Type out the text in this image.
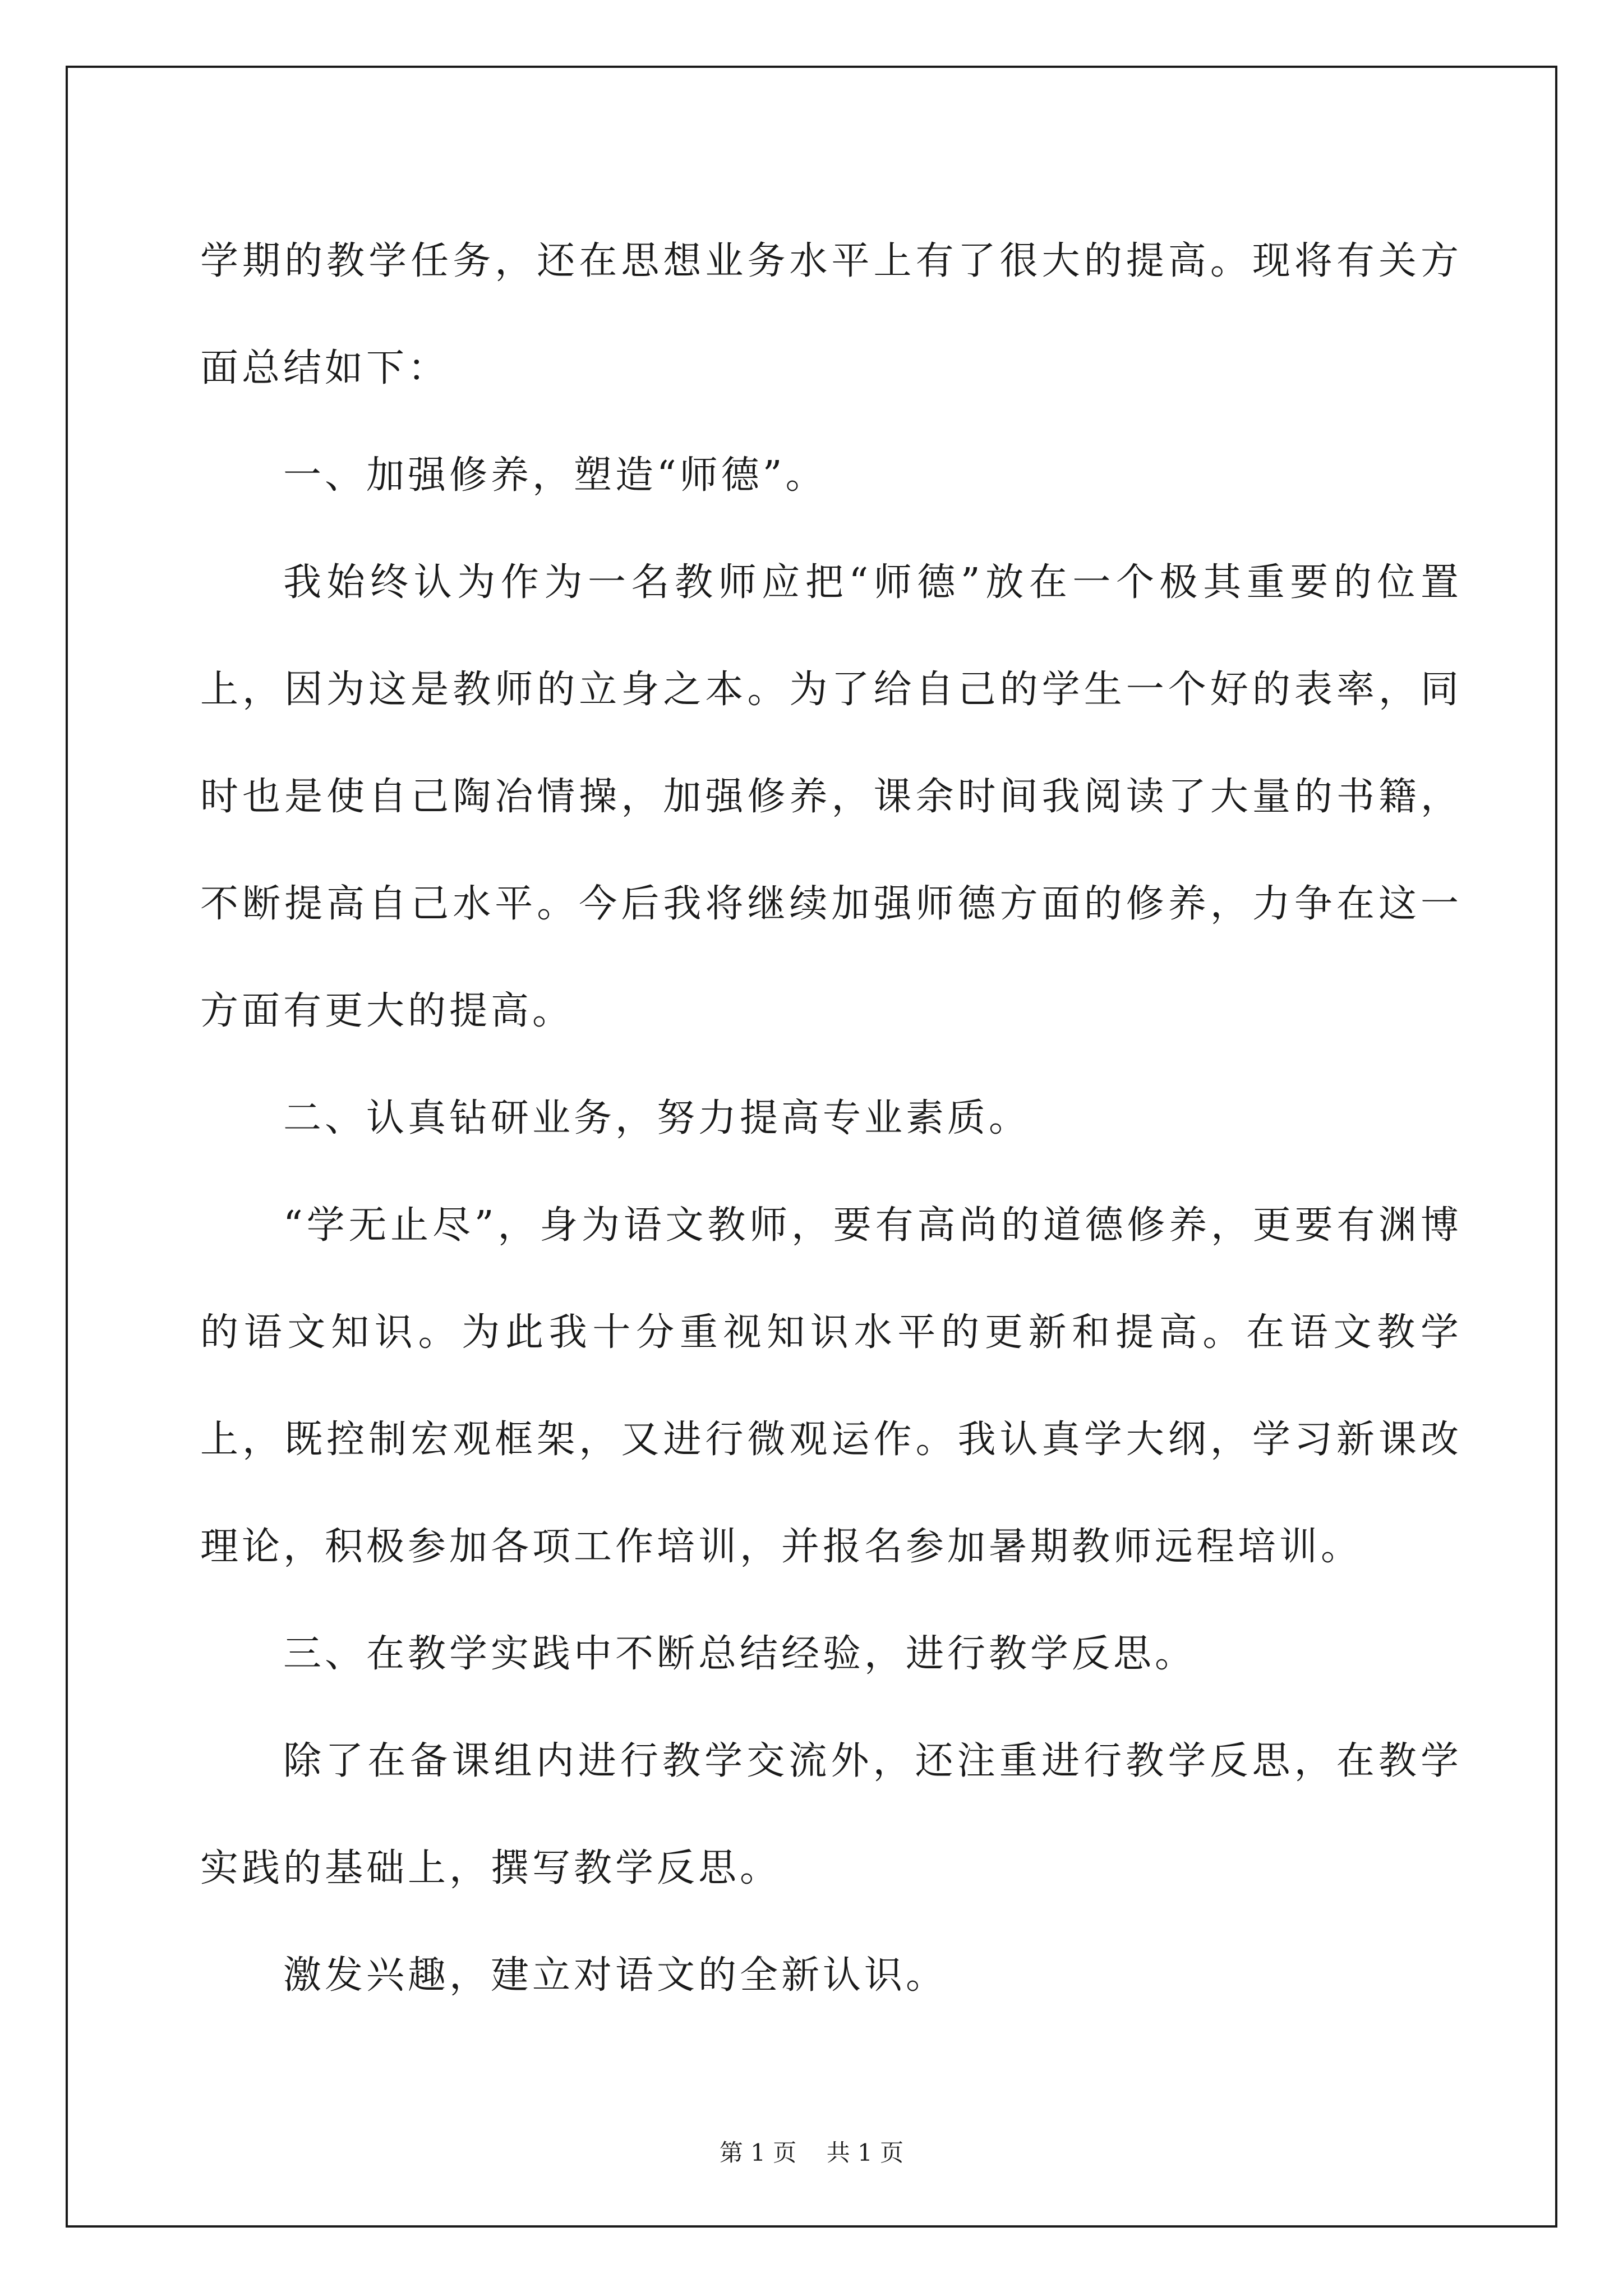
学期的教学任务，还在思想业务水平上有了很大的提高。现将有关方面总结如下：

一、加强修养，塑造“师德”。

我始终认为作为一名教师应把“师德”放在一个极其重要的位置上，因为这是教师的立身之本。为了给自己的学生一个好的表率，同时也是使自己陶冶情操，加强修养，课余时间我阅读了大量的书籍，不断提高自己水平。今后我将继续加强师德方面的修养，力争在这一方面有更大的提高。

二、认真钻研业务，努力提高专业素质。

“学无止尽”，身为语文教师，要有高尚的道德修养，更要有渊博的语文知识。为此我十分重视知识水平的更新和提高。在语文教学上，既控制宏观框架，又进行微观运作。我认真学大纲，学习新课改理论，积极参加各项工作培训，并报名参加暑期教师远程培训。

三、在教学实践中不断总结经验，进行教学反思。

除了在备课组内进行教学交流外，还注重进行教学反思，在教学实践的基础上，撰写教学反思。

激发兴趣，建立对语文的全新认识。

第 1 页    共 1 页
